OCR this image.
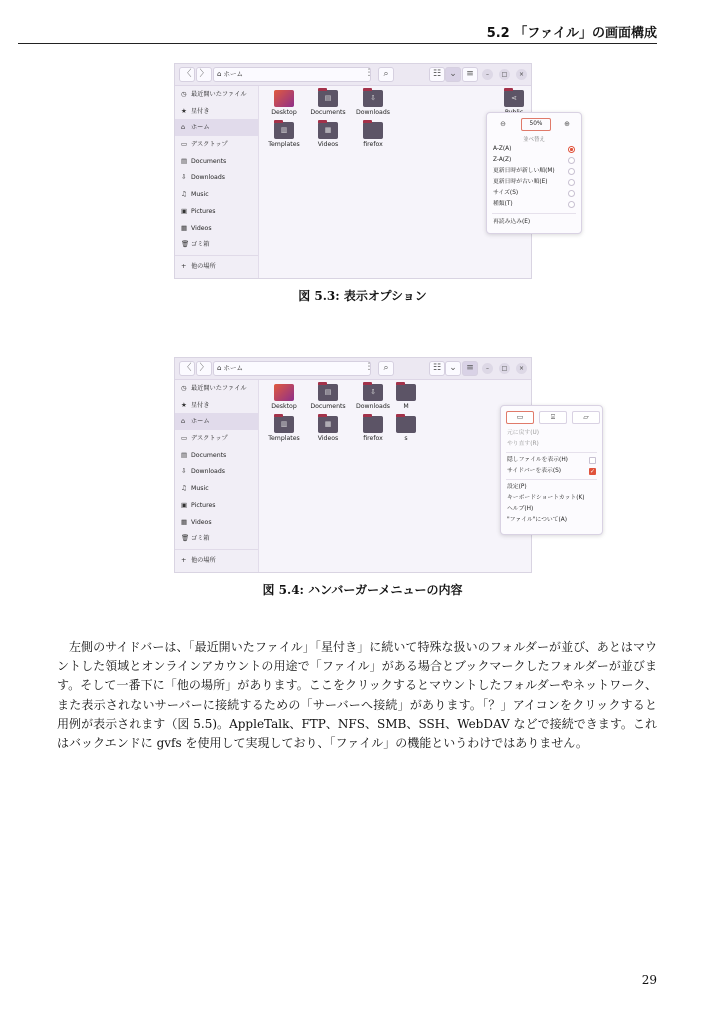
5.2 「ファイル」の画面構成
〈 〉	⌂ ホーム	⋮	⌕	☷ ⌄	≡	–	□	×
◷ 最近開いたファイル
★ 星付き
⌂ ホーム
▭ デスクトップ
▤ Documents
⇩ Downloads
♫ Music
▣ Pictures
▦ Videos
🗑 ゴミ箱
+ 他の場所
Desktop
▤
Documents
⇩
Downloads
▥
Templates
▦
Videos	firefox
⋖
⊖	50%	⊕
並べ替え
A-Z(A)
Z-A(Z)
更新日時が新しい順(M)
更新日時が古い順(E)
サイズ(S)
種類(T)
再読み込み(E)
図 5.3: 表示オプション
〈 〉	⌂ ホーム	⋮	⌕	☷ ⌄	≡	–	□	×
◷ 最近開いたファイル
★ 星付き
⌂ ホーム
▭ デスクトップ
▤ Documents
⇩ Downloads
♫ Music
▣ Pictures
▦ Videos
🗑 ゴミ箱
+ 他の場所
Desktop
▤
Documents
⇩
Downloads	M
▥
Templates
▦
Videos	firefox	s
▭	⍓	▱
元に戻す(U)
やり直す(R)
隠しファイルを表示(H)
サイドバーを表示(S)	✓
設定(P)
キーボードショートカット(K)
ヘルプ(H)
"ファイル"について(A)
図 5.4: ハンバーガーメニューの内容

左側のサイドバーは、「最近開いたファイル」「星付き」に続いて特殊な扱いのフォルダーが並び、あとはマウントした領域とオンラインアカウントの用途で「ファイル」がある場合とブックマークしたフォルダーが並びます。そして一番下に「他の場所」があります。ここをクリックするとマウントしたフォルダーやネットワーク、また表示されないサーバーに接続するための「サーバーへ接続」があります。「？」アイコンをクリックすると用例が表示されます（図 5.5)。AppleTalk、FTP、NFS、SMB、SSH、WebDAV などで接続できます。これはバックエンドに gvfs を使用して実現しており、「ファイル」の機能というわけではありません。

29
